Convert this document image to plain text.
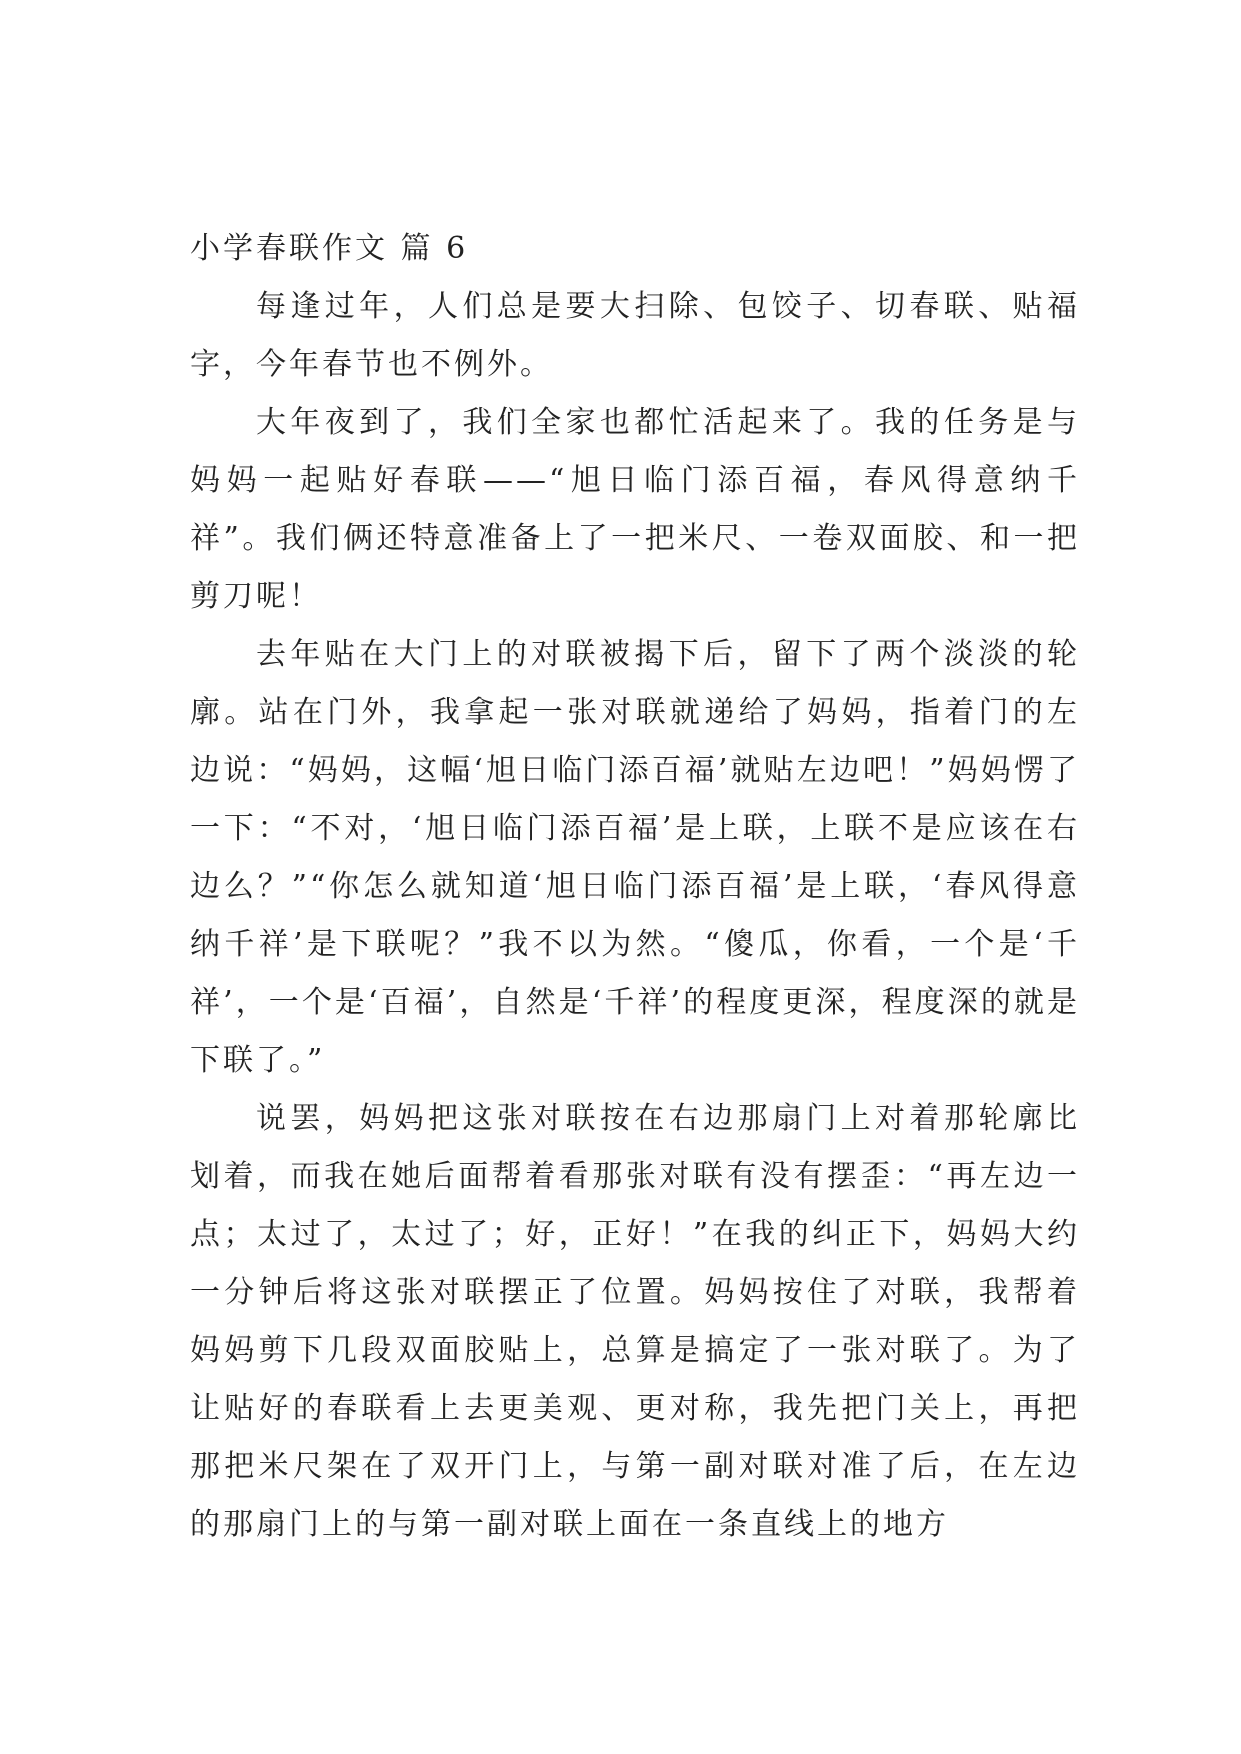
小学春联作文 篇 6

每逢过年，人们总是要大扫除、包饺子、切春联、贴福字，今年春节也不例外。

大年夜到了，我们全家也都忙活起来了。我的任务是与妈妈一起贴好春联——“旭日临门添百福，春风得意纳千祥”。我们俩还特意准备上了一把米尺、一卷双面胶、和一把剪刀呢！

去年贴在大门上的对联被揭下后，留下了两个淡淡的轮廓。站在门外，我拿起一张对联就递给了妈妈，指着门的左边说：“妈妈，这幅‘旭日临门添百福’就贴左边吧！”妈妈愣了一下：“不对，‘旭日临门添百福’是上联，上联不是应该在右边么？”“你怎么就知道‘旭日临门添百福’是上联，‘春风得意纳千祥’是下联呢？”我不以为然。“傻瓜，你看，一个是‘千祥’，一个是‘百福’，自然是‘千祥’的程度更深，程度深的就是下联了。”

说罢，妈妈把这张对联按在右边那扇门上对着那轮廓比划着，而我在她后面帮着看那张对联有没有摆歪：“再左边一点；太过了，太过了；好，正好！”在我的纠正下，妈妈大约一分钟后将这张对联摆正了位置。妈妈按住了对联，我帮着妈妈剪下几段双面胶贴上，总算是搞定了一张对联了。为了让贴好的春联看上去更美观、更对称，我先把门关上，再把那把米尺架在了双开门上，与第一副对联对准了后，在左边的那扇门上的与第一副对联上面在一条直线上的地方
